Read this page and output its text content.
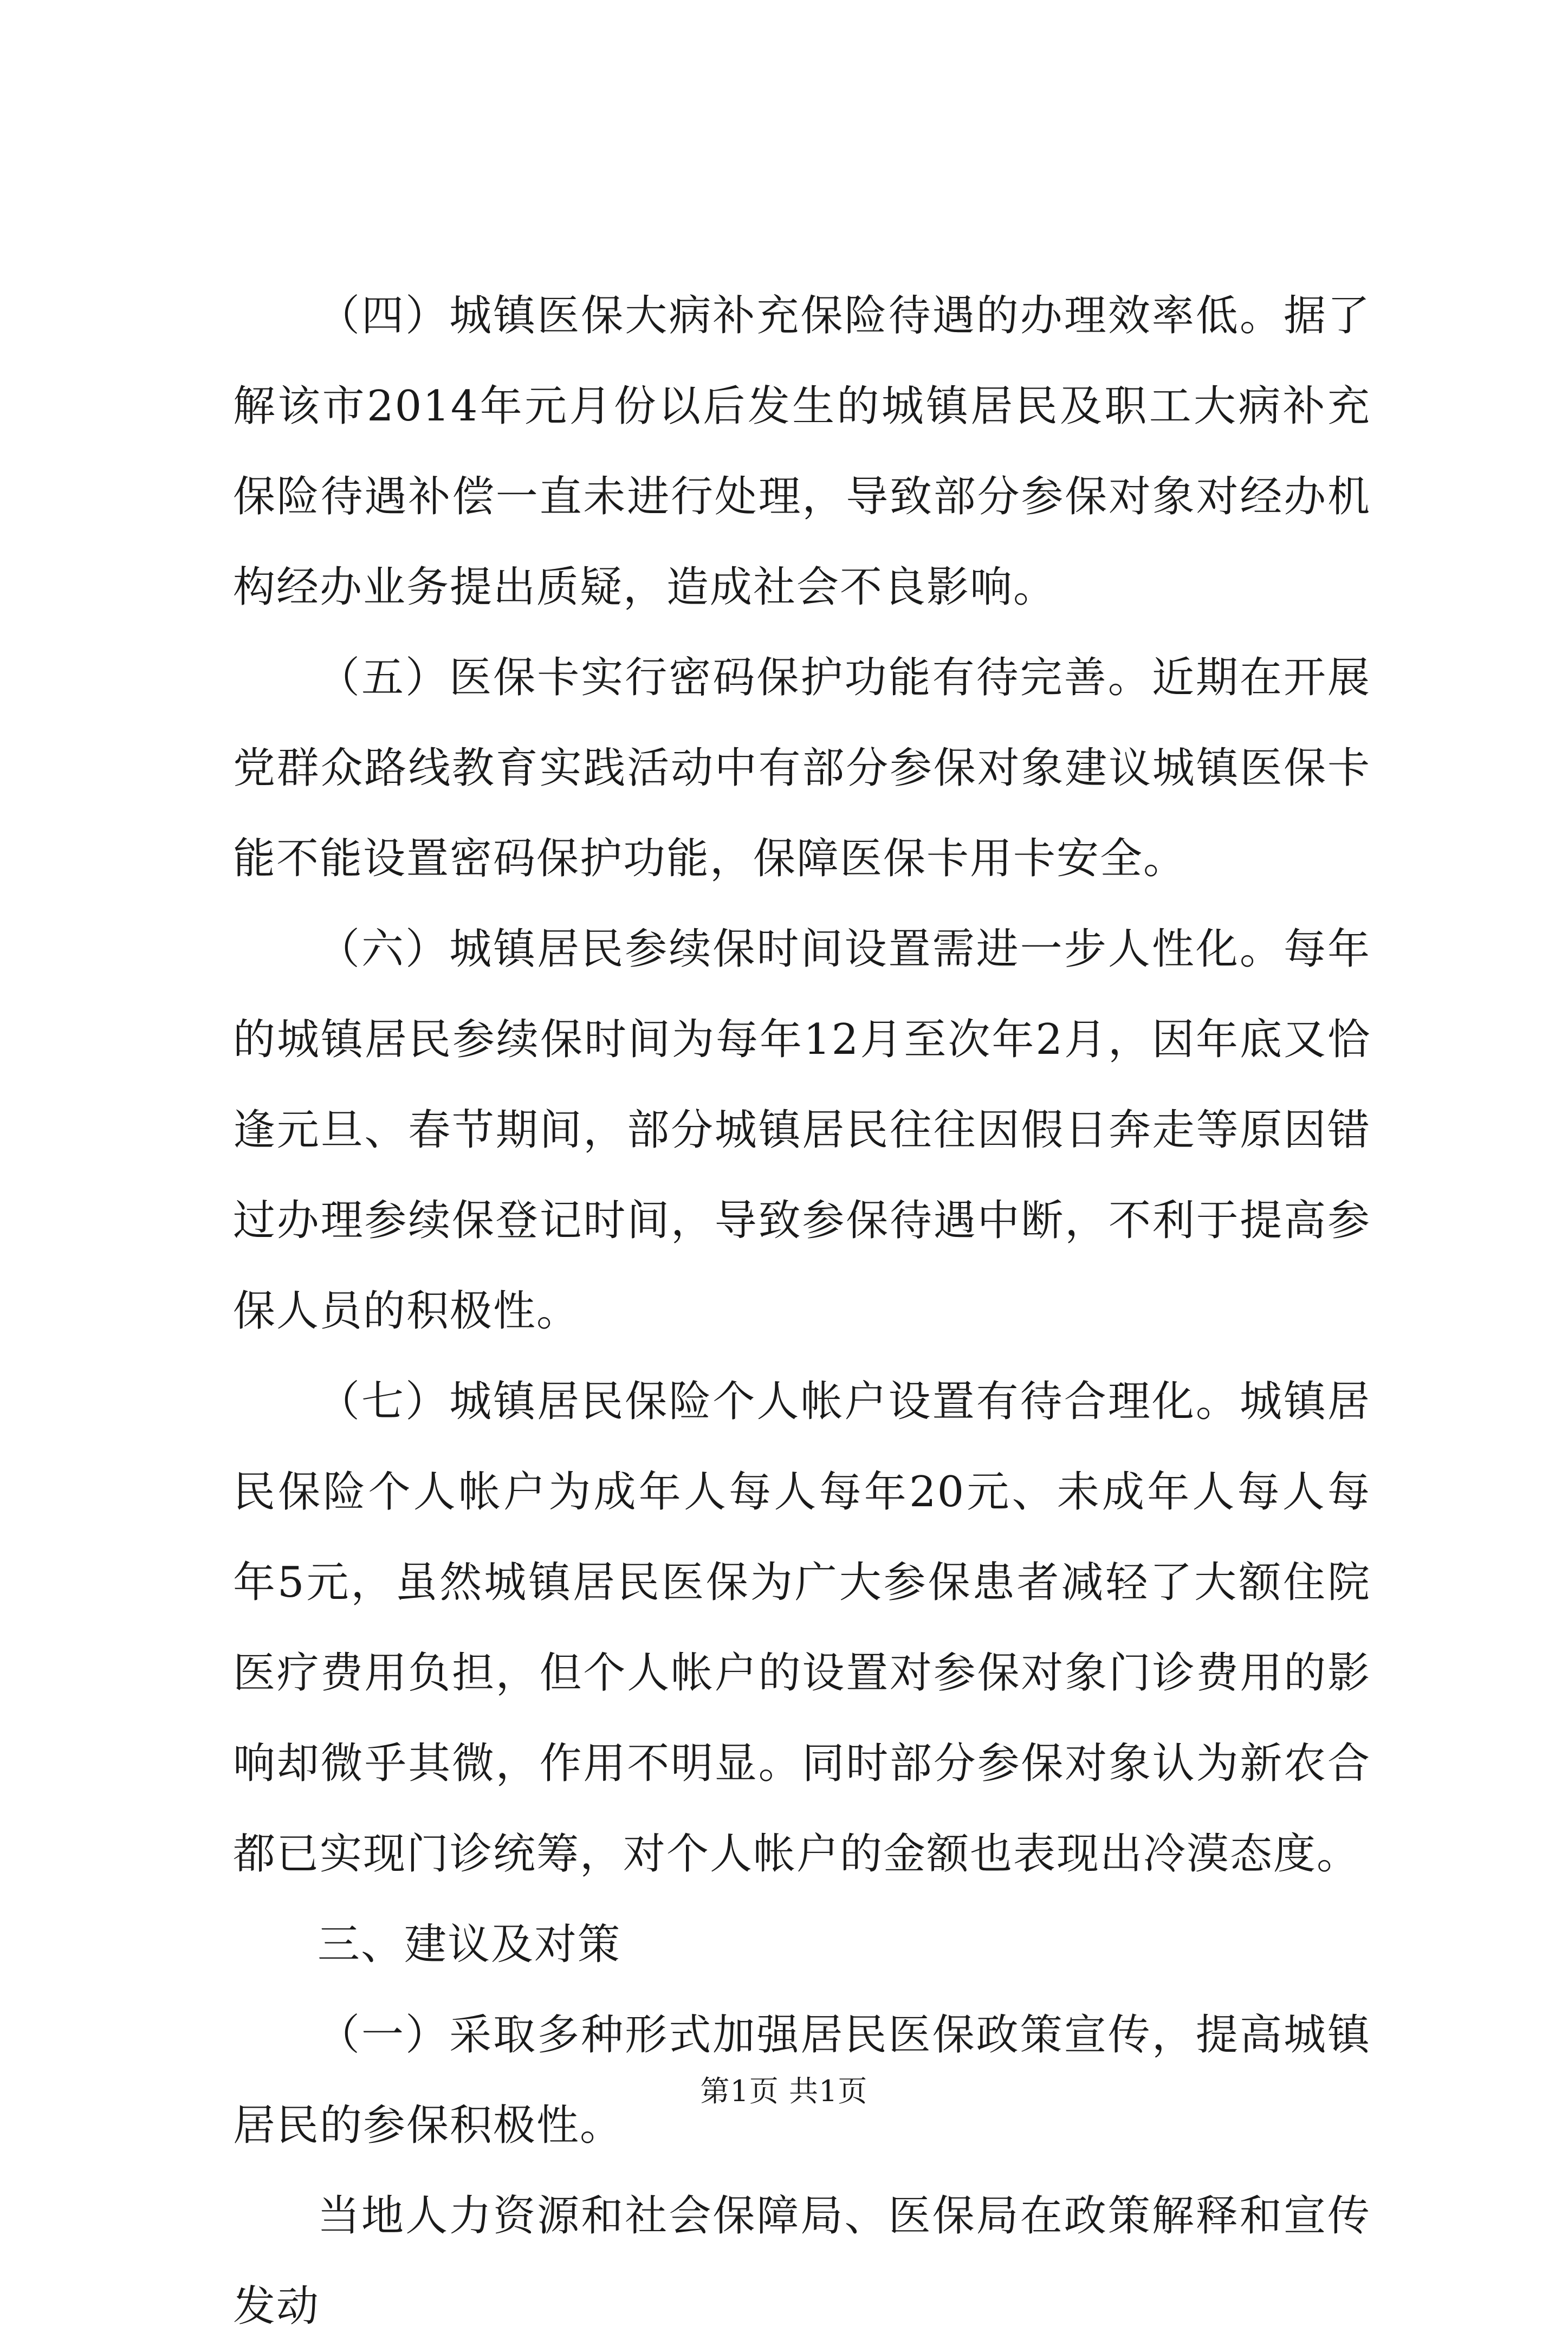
（四）城镇医保大病补充保险待遇的办理效率低。据了解该市2014年元月份以后发生的城镇居民及职工大病补充保险待遇补偿一直未进行处理，导致部分参保对象对经办机构经办业务提出质疑，造成社会不良影响。

（五）医保卡实行密码保护功能有待完善。近期在开展党群众路线教育实践活动中有部分参保对象建议城镇医保卡能不能设置密码保护功能，保障医保卡用卡安全。

（六）城镇居民参续保时间设置需进一步人性化。每年的城镇居民参续保时间为每年12月至次年2月，因年底又恰逢元旦、春节期间，部分城镇居民往往因假日奔走等原因错过办理参续保登记时间，导致参保待遇中断，不利于提高参保人员的积极性。

（七）城镇居民保险个人帐户设置有待合理化。城镇居民保险个人帐户为成年人每人每年20元、未成年人每人每年5元，虽然城镇居民医保为广大参保患者减轻了大额住院医疗费用负担，但个人帐户的设置对参保对象门诊费用的影响却微乎其微，作用不明显。同时部分参保对象认为新农合都已实现门诊统筹，对个人帐户的金额也表现出冷漠态度。

三、建议及对策

（一）采取多种形式加强居民医保政策宣传，提高城镇居民的参保积极性。

当地人力资源和社会保障局、医保局在政策解释和宣传发动

第1页 共1页
